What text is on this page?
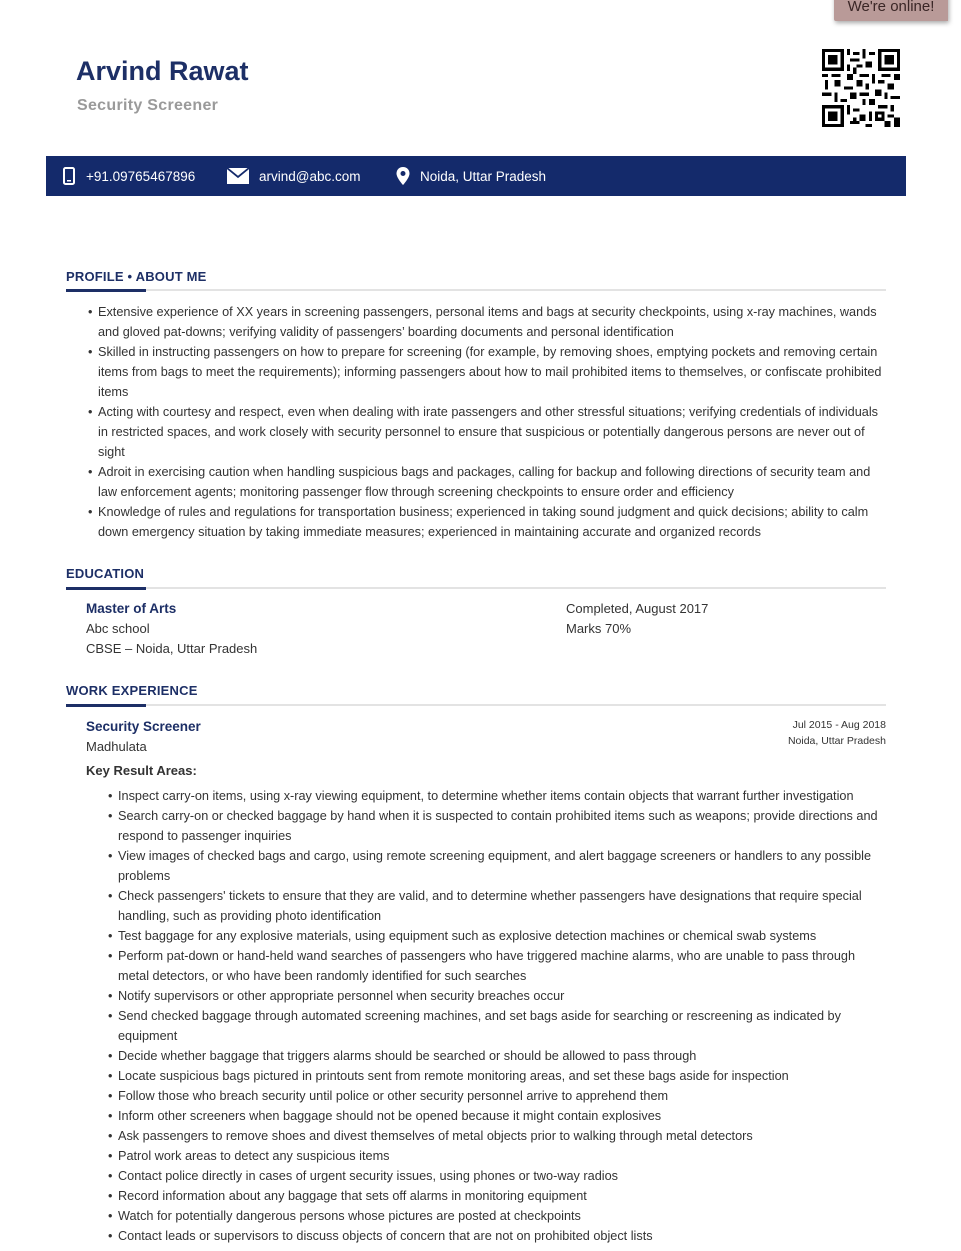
We're online!
Arvind Rawat
Security Screener
+91.09765467896	arvind@abc.com	Noida, Uttar Pradesh
PROFILE • ABOUT ME
• Extensive experience of XX years in screening passengers, personal items and bags at security checkpoints, using x-ray machines, wands and gloved pat-downs; verifying validity of passengers’ boarding documents and personal identification
• Skilled in instructing passengers on how to prepare for screening (for example, by removing shoes, emptying pockets and removing certain items from bags to meet the requirements); informing passengers about how to mail prohibited items to themselves, or confiscate prohibited items
• Acting with courtesy and respect, even when dealing with irate passengers and other stressful situations; verifying credentials of individuals in restricted spaces, and work closely with security personnel to ensure that suspicious or potentially dangerous persons are never out of sight
• Adroit in exercising caution when handling suspicious bags and packages, calling for backup and following directions of security team and law enforcement agents; monitoring passenger flow through screening checkpoints to ensure order and efficiency
• Knowledge of rules and regulations for transportation business; experienced in taking sound judgment and quick decisions; ability to calm down emergency situation by taking immediate measures; experienced in maintaining accurate and organized records
EDUCATION
Master of Arts
Abc school
CBSE – Noida, Uttar Pradesh
Completed, August 2017
Marks 70%
WORK EXPERIENCE
Security Screener
Madhulata
Jul 2015 - Aug 2018
Noida, Uttar Pradesh
Key Result Areas:
• Inspect carry-on items, using x-ray viewing equipment, to determine whether items contain objects that warrant further investigation
• Search carry-on or checked baggage by hand when it is suspected to contain prohibited items such as weapons; provide directions and respond to passenger inquiries
• View images of checked bags and cargo, using remote screening equipment, and alert baggage screeners or handlers to any possible problems
• Check passengers' tickets to ensure that they are valid, and to determine whether passengers have designations that require special handling, such as providing photo identification
• Test baggage for any explosive materials, using equipment such as explosive detection machines or chemical swab systems
• Perform pat-down or hand-held wand searches of passengers who have triggered machine alarms, who are unable to pass through metal detectors, or who have been randomly identified for such searches
• Notify supervisors or other appropriate personnel when security breaches occur
• Send checked baggage through automated screening machines, and set bags aside for searching or rescreening as indicated by equipment
• Decide whether baggage that triggers alarms should be searched or should be allowed to pass through
• Locate suspicious bags pictured in printouts sent from remote monitoring areas, and set these bags aside for inspection
• Follow those who breach security until police or other security personnel arrive to apprehend them
• Inform other screeners when baggage should not be opened because it might contain explosives
• Ask passengers to remove shoes and divest themselves of metal objects prior to walking through metal detectors
• Patrol work areas to detect any suspicious items
• Contact police directly in cases of urgent security issues, using phones or two-way radios
• Record information about any baggage that sets off alarms in monitoring equipment
• Watch for potentially dangerous persons whose pictures are posted at checkpoints
• Contact leads or supervisors to discuss objects of concern that are not on prohibited object lists
